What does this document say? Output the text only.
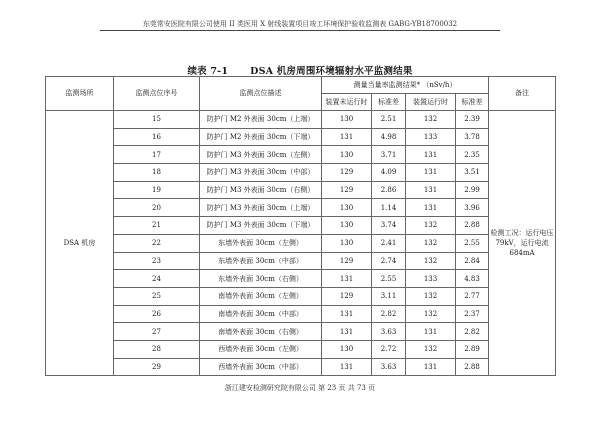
东莞常安医院有限公司使用 II 类医用 X 射线装置项目竣工环境保护验收监测表 GABG-YB18700032
续表 7-1 DSA 机房周围环境辐射水平监测结果
监测场所	监测点位序号	监测点位描述	测量当量率监测结果* （nSv/h）				备注
			装置未运行时	标准差	装置运行时	标准差	
DSA 机房	15	防护门 M2 外表面 30cm（上端）	130	2.51	132	2.39	检测工况：运行电压 79kV，运行电流 684mA
	16	防护门 M2 外表面 30cm（下端）	131	4.98	133	3.78	
	17	防护门 M3 外表面 30cm（左侧）	130	3.71	131	2.35	
	18	防护门 M3 外表面 30cm（中部）	129	4.09	131	3.51	
	19	防护门 M3 外表面 30cm（右侧）	129	2.86	131	2.99	
	20	防护门 M3 外表面 30cm（上端）	130	1.14	131	3.96	
	21	防护门 M3 外表面 30cm（下端）	130	3.74	132	2.88	
	22	东墙外表面 30cm（左侧）	130	2.41	132	2.55	
	23	东墙外表面 30cm（中部）	129	2.74	132	2.84	
	24	东墙外表面 30cm（右侧）	131	2.55	133	4.83	
	25	南墙外表面 30cm（左侧）	129	3.11	132	2.77	
	26	南墙外表面 30cm（中部）	131	2.82	132	2.37	
	27	南墙外表面 30cm（右侧）	131	3.63	131	2.82	
	28	西墙外表面 30cm（左侧）	130	2.72	132	2.89	
	29	西墙外表面 30cm（中部）	131	3.63	131	2.88	
浙江建安检测研究院有限公司 第 23 页 共 73 页
